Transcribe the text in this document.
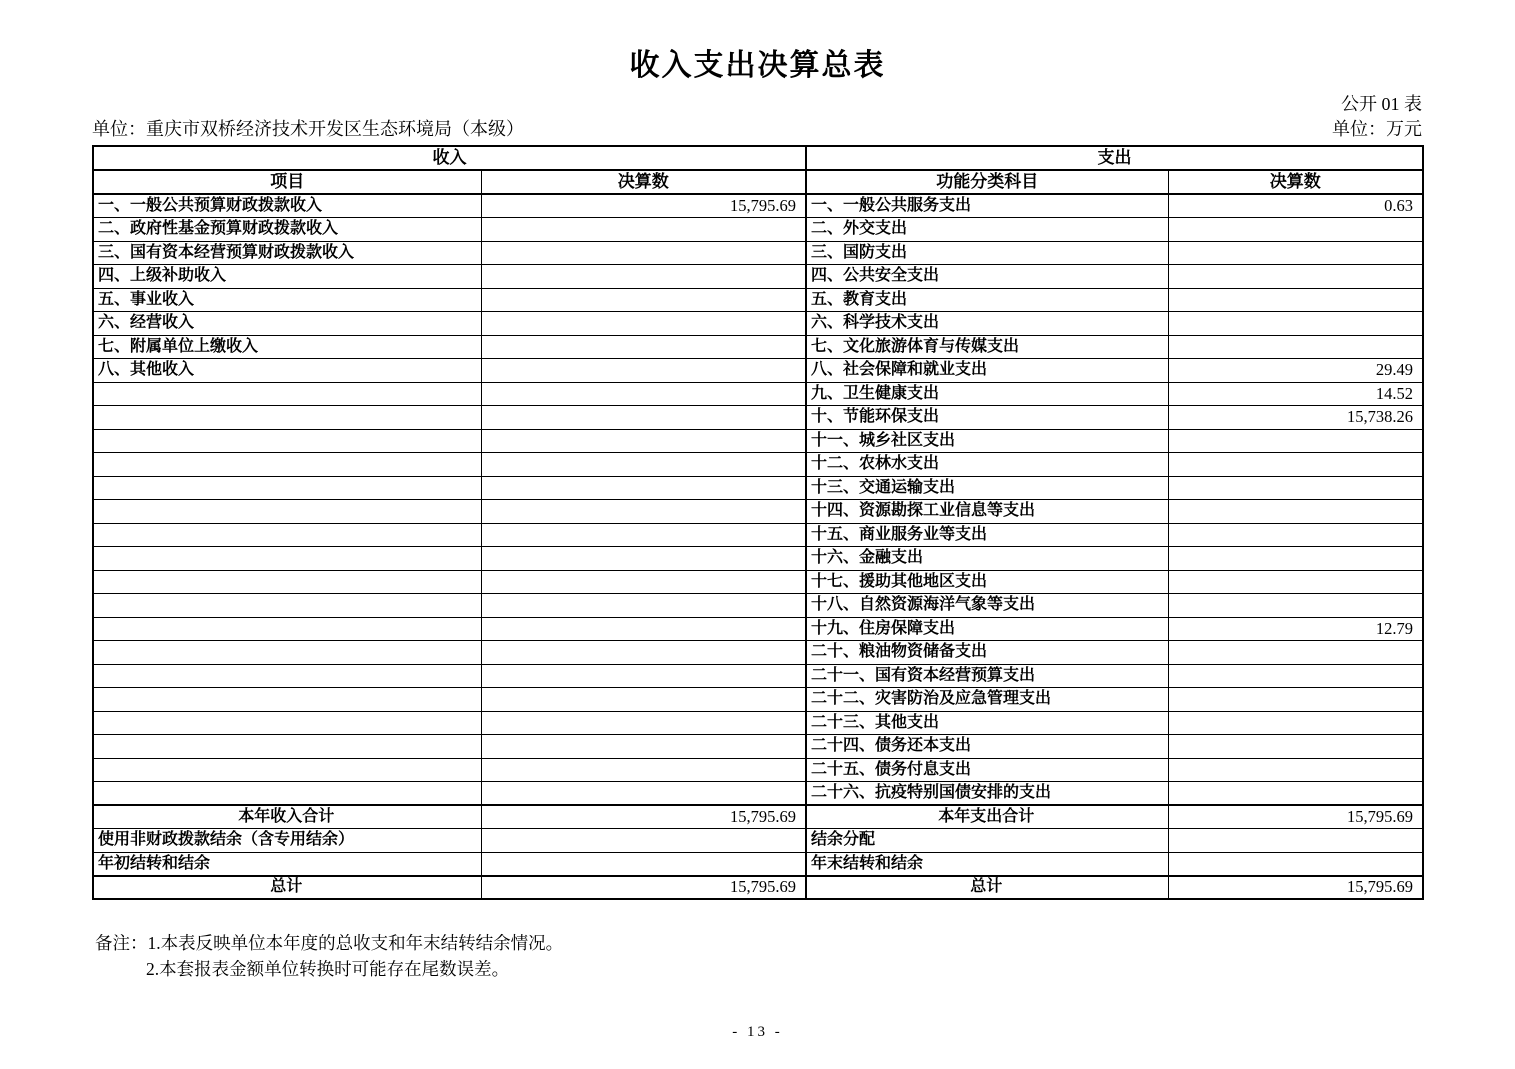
收入支出决算总表
公开 01 表
单位：重庆市双桥经济技术开发区生态环境局（本级）	单位：万元
收入		支出	
项目	决算数	功能分类科目	决算数
一、一般公共预算财政拨款收入	15,795.69	一、一般公共服务支出	0.63
二、政府性基金预算财政拨款收入		二、外交支出	
三、国有资本经营预算财政拨款收入		三、国防支出	
四、上级补助收入		四、公共安全支出	
五、事业收入		五、教育支出	
六、经营收入		六、科学技术支出	
七、附属单位上缴收入		七、文化旅游体育与传媒支出	
八、其他收入		八、社会保障和就业支出	29.49
		九、卫生健康支出	14.52
		十、节能环保支出	15,738.26
		十一、城乡社区支出	
		十二、农林水支出	
		十三、交通运输支出	
		十四、资源勘探工业信息等支出	
		十五、商业服务业等支出	
		十六、金融支出	
		十七、援助其他地区支出	
		十八、自然资源海洋气象等支出	
		十九、住房保障支出	12.79
		二十、粮油物资储备支出	
		二十一、国有资本经营预算支出	
		二十二、灾害防治及应急管理支出	
		二十三、其他支出	
		二十四、债务还本支出	
		二十五、债务付息支出	
		二十六、抗疫特别国债安排的支出	
本年收入合计	15,795.69	本年支出合计	15,795.69
使用非财政拨款结余（含专用结余）		结余分配	
年初结转和结余		年末结转和结余	
总计	15,795.69	总计	15,795.69
备注：1.本表反映单位本年度的总收支和年末结转结余情况。
2.本套报表金额单位转换时可能存在尾数误差。
- 13 -
